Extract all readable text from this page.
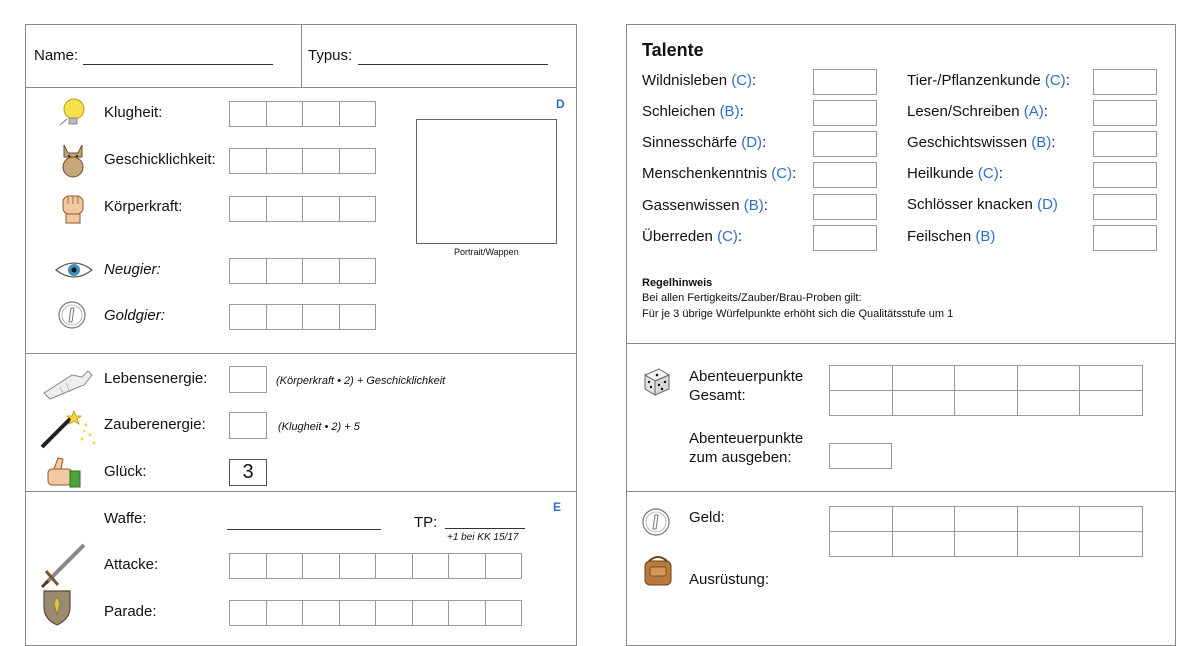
Name:	Typus:
D
Klugheit:
Geschicklichkeit:
Körperkraft:
Neugier:
Goldgier:
Portrait/Wappen
Lebensenergie:	(Körperkraft • 2) + Geschicklichkeit
Zauberenergie:	(Klugheit • 2) + 5
Glück:	3
E
Waffe:	TP:
+1 bei KK 15/17
Attacke:
Parade:
Talente
Wildnisleben (C):
Schleichen (B):
Sinnesschärfe (D):
Menschenkenntnis (C):
Gassenwissen (B):
Überreden (C):
Tier-/Pflanzenkunde (C):
Lesen/Schreiben (A):
Geschichtswissen (B):
Heilkunde (C):
Schlösser knacken (D)
Feilschen (B)
Regelhinweis
Bei allen Fertigkeits/Zauber/Brau-Proben gilt:
Für je 3 übrige Würfelpunkte erhöht sich die Qualitätsstufe um 1
Abenteuerpunkte
Gesamt:
Abenteuerpunkte
zum ausgeben:
Geld:
Ausrüstung:
